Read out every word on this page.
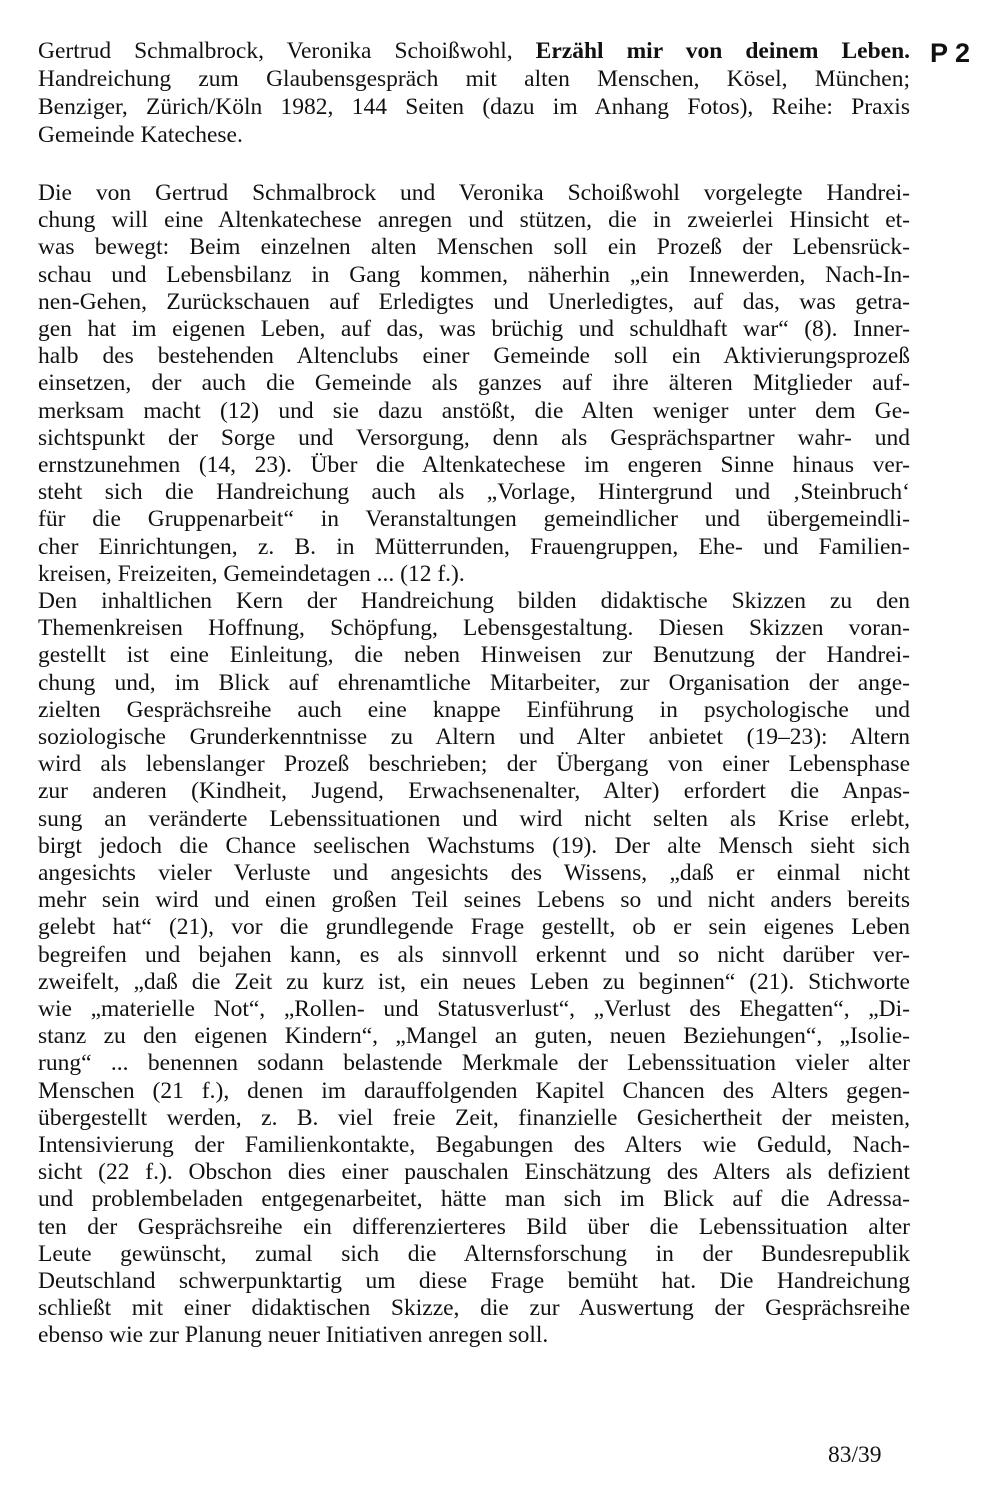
Gertrud Schmalbrock, Veronika Schoißwohl, Erzähl mir von deinem Leben. P 2
Handreichung zum Glaubensgespräch mit alten Menschen, Kösel, München;
Benziger, Zürich/Köln 1982, 144 Seiten (dazu im Anhang Fotos), Reihe: Praxis
Gemeinde Katechese.
Die von Gertrud Schmalbrock und Veronika Schoißwohl vorgelegte Handrei-
chung will eine Altenkatechese anregen und stützen, die in zweierlei Hinsicht et-
was bewegt: Beim einzelnen alten Menschen soll ein Prozeß der Lebensrück-
schau und Lebensbilanz in Gang kommen, näherhin „ein Innewerden, Nach-In-
nen-Gehen, Zurückschauen auf Erledigtes und Unerledigtes, auf das, was getra-
gen hat im eigenen Leben, auf das, was brüchig und schuldhaft war“ (8). Inner-
halb des bestehenden Altenclubs einer Gemeinde soll ein Aktivierungsprozeß
einsetzen, der auch die Gemeinde als ganzes auf ihre älteren Mitglieder auf-
merksam macht (12) und sie dazu anstößt, die Alten weniger unter dem Ge-
sichtspunkt der Sorge und Versorgung, denn als Gesprächspartner wahr- und
ernstzunehmen (14, 23). Über die Altenkatechese im engeren Sinne hinaus ver-
steht sich die Handreichung auch als „Vorlage, Hintergrund und ‚Steinbruch‘
für die Gruppenarbeit“ in Veranstaltungen gemeindlicher und übergemeindli-
cher Einrichtungen, z. B. in Mütterrunden, Frauengruppen, Ehe- und Familien-
kreisen, Freizeiten, Gemeindetagen ... (12 f.).
Den inhaltlichen Kern der Handreichung bilden didaktische Skizzen zu den
Themenkreisen Hoffnung, Schöpfung, Lebensgestaltung. Diesen Skizzen voran-
gestellt ist eine Einleitung, die neben Hinweisen zur Benutzung der Handrei-
chung und, im Blick auf ehrenamtliche Mitarbeiter, zur Organisation der ange-
zielten Gesprächsreihe auch eine knappe Einführung in psychologische und
soziologische Grunderkenntnisse zu Altern und Alter anbietet (19–23): Altern
wird als lebenslanger Prozeß beschrieben; der Übergang von einer Lebensphase
zur anderen (Kindheit, Jugend, Erwachsenenalter, Alter) erfordert die Anpas-
sung an veränderte Lebenssituationen und wird nicht selten als Krise erlebt,
birgt jedoch die Chance seelischen Wachstums (19). Der alte Mensch sieht sich
angesichts vieler Verluste und angesichts des Wissens, „daß er einmal nicht
mehr sein wird und einen großen Teil seines Lebens so und nicht anders bereits
gelebt hat“ (21), vor die grundlegende Frage gestellt, ob er sein eigenes Leben
begreifen und bejahen kann, es als sinnvoll erkennt und so nicht darüber ver-
zweifelt, „daß die Zeit zu kurz ist, ein neues Leben zu beginnen“ (21). Stichworte
wie „materielle Not“, „Rollen- und Statusverlust“, „Verlust des Ehegatten“, „Di-
stanz zu den eigenen Kindern“, „Mangel an guten, neuen Beziehungen“, „Isolie-
rung“ ... benennen sodann belastende Merkmale der Lebenssituation vieler alter
Menschen (21 f.), denen im darauffolgenden Kapitel Chancen des Alters gegen-
übergestellt werden, z. B. viel freie Zeit, finanzielle Gesichertheit der meisten,
Intensivierung der Familienkontakte, Begabungen des Alters wie Geduld, Nach-
sicht (22 f.). Obschon dies einer pauschalen Einschätzung des Alters als defizient
und problembeladen entgegenarbeitet, hätte man sich im Blick auf die Adressa-
ten der Gesprächsreihe ein differenzierteres Bild über die Lebenssituation alter
Leute gewünscht, zumal sich die Alternsforschung in der Bundesrepublik
Deutschland schwerpunktartig um diese Frage bemüht hat. Die Handreichung
schließt mit einer didaktischen Skizze, die zur Auswertung der Gesprächsreihe
ebenso wie zur Planung neuer Initiativen anregen soll.
83/39
